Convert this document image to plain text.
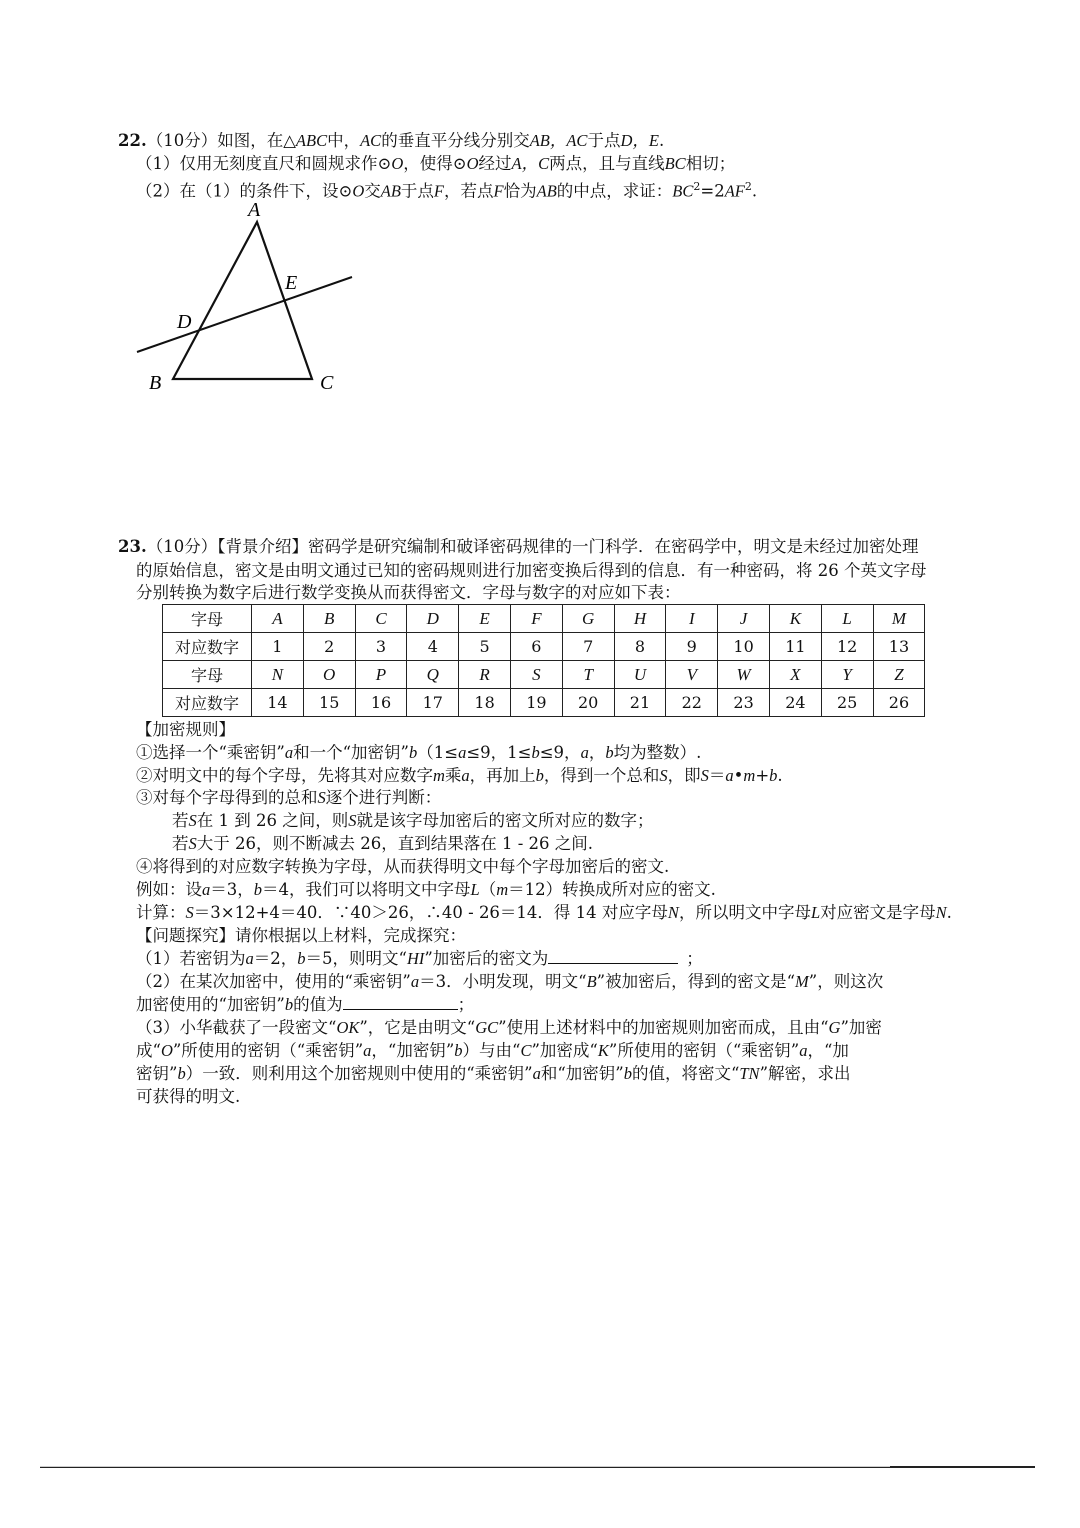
22.（10分）如图，在△ABC中，AC的垂直平分线分别交AB，AC于点D，E.
（1）仅用无刻度直尺和圆规求作⊙O，使得⊙O经过A，C两点，且与直线BC相切；
（2）在（1）的条件下，设⊙O交AB于点F，若点F恰为AB的中点，求证：$BC^2=2AF^2$.
A
B	C
D
E
23.（10分）【背景介绍】密码学是研究编制和破译密码规律的一门科学．在密码学中，明文是未经过加密处理
的原始信息，密文是由明文通过已知的密码规则进行加密变换后得到的信息．有一种密码，将 26 个英文字母
分别转换为数字后进行数学变换从而获得密文．字母与数字的对应如下表：
字母	A	B	C	D	E	F	G	H	I	J	K	L	M
对应数字	1	2	3	4	5	6	7	8	9	10	11	12	13
字母	N	O	P	Q	R	S	T	U	V	W	X	Y	Z
对应数字	14	15	16	17	18	19	20	21	22	23	24	25	26
【加密规则】
①选择一个“乘密钥”a和一个“加密钥”b（1≤a≤9，1≤b≤9，a，b均为整数）.
②对明文中的每个字母，先将其对应数字m乘a，再加上b，得到一个总和S，即S＝a•m+b.
③对每个字母得到的总和S逐个进行判断：
若S在 1 到 26 之间，则S就是该字母加密后的密文所对应的数字；
若S大于 26，则不断减去 26，直到结果落在 1 - 26 之间.
④将得到的对应数字转换为字母，从而获得明文中每个字母加密后的密文.
例如：设a＝3，b＝4，我们可以将明文中字母L（m＝12）转换成所对应的密文.
计算：S＝3×12+4＝40．∵40＞26，∴40 - 26＝14．得 14 对应字母N，所以明文中字母L对应密文是字母N.
【问题探究】请你根据以上材料，完成探究：
（1）若密钥为a＝2，b＝5，则明文“HI”加密后的密文为	；
（2）在某次加密中，使用的“乘密钥”a＝3．小明发现，明文“B”被加密后，得到的密文是“M”，则这次
加密使用的“加密钥”b的值为	；
（3）小华截获了一段密文“OK”，它是由明文“GC”使用上述材料中的加密规则加密而成，且由“G”加密
成“O”所使用的密钥（“乘密钥”a，“加密钥”b）与由“C”加密成“K”所使用的密钥（“乘密钥”a，“加
密钥”b）一致．则利用这个加密规则中使用的“乘密钥”a和“加密钥”b的值，将密文“TN”解密，求出
可获得的明文.
